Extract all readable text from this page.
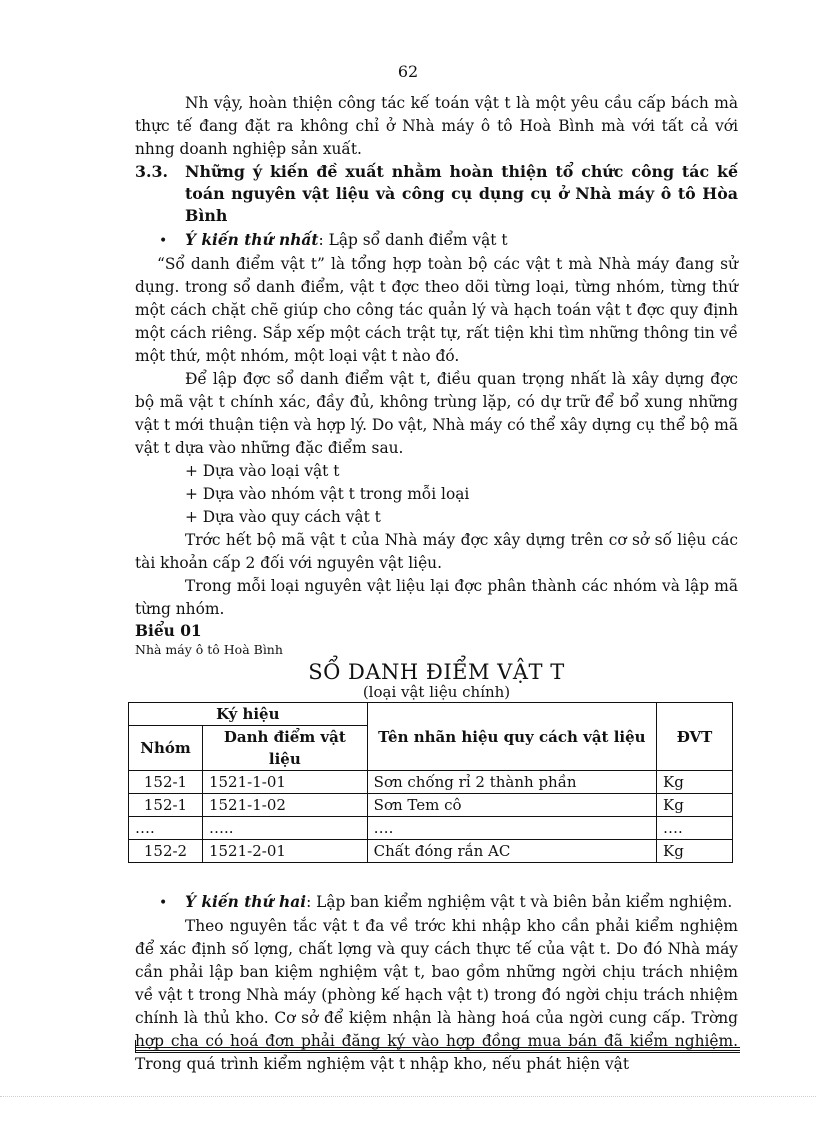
62

Nh vậy, hoàn thiện công tác kế toán vật t là một yêu cầu cấp bách mà thực tế đang đặt ra không chỉ ở Nhà máy ô tô Hoà Bình mà với tất cả với nhng doanh nghiệp sản xuất.

3.3.	Những ý kiến đề xuất nhằm hoàn thiện tổ chức công tác kế toán nguyên vật liệu và công cụ dụng cụ ở Nhà máy ô tô Hòa Bình
•	Ý kiến thứ nhất: Lập sổ danh điểm vật t

“Sổ danh điểm vật t” là tổng hợp toàn bộ các vật t mà Nhà máy đang sử dụng. trong sổ danh điểm, vật t đợc theo dõi từng loại, từng nhóm, từng thứ một cách chặt chẽ giúp cho công tác quản lý và hạch toán vật t đợc quy định một cách riêng. Sắp xếp một cách trật tự, rất tiện khi tìm những thông tin về một thứ, một nhóm, một loại vật t nào đó.

Để lập đợc sổ danh điểm vật t, điều quan trọng nhất là xây dựng đợc bộ mã vật t chính xác, đầy đủ, không trùng lặp, có dự trữ để bổ xung những vật t mới thuận tiện và hợp lý. Do vật, Nhà máy có thể xây dựng cụ thể bộ mã vật t dựa vào những đặc điểm sau.

+ Dựa vào loại vật t

+ Dựa vào nhóm vật t trong mỗi loại

+ Dựa vào quy cách vật t

Trớc hết bộ mã vật t của Nhà máy đợc xây dựng trên cơ sở số liệu các tài khoản cấp 2 đối với nguyên vật liệu.

Trong mỗi loại nguyên vật liệu lại đợc phân thành các nhóm và lập mã từng nhóm.

Biểu 01
Nhà máy ô tô Hoà Bình
SỔ DANH ĐIỂM VẬT T
(loại vật liệu chính)
Ký hiệu		Tên nhãn hiệu quy cách vật liệu	ĐVT
Nhóm	Danh điểm vật liệu		
152-1	1521-1-01	Sơn chống rỉ 2 thành phần	Kg
152-1	1521-1-02	Sơn Tem cô	Kg
….	…..	….	….
152-2	1521-2-01	Chất đóng rắn AC	Kg
•	Ý kiến thứ hai: Lập ban kiểm nghiệm vật t và biên bản kiểm nghiệm.

Theo nguyên tắc vật t đa về trớc khi nhập kho cần phải kiểm nghiệm để xác định số lợng, chất lợng và quy cách thực tế của vật t. Do đó Nhà máy cần phải lập ban kiệm nghiệm vật t, bao gồm những ngời chịu trách nhiệm về vật t trong Nhà máy (phòng kế hạch vật t) trong đó ngời chịu trách nhiệm chính là thủ kho. Cơ sở để kiệm nhận là hàng hoá của ngời cung cấp. Trờng hợp cha có hoá đơn phải đăng ký vào hợp đồng mua bán đã kiểm nghiệm. Trong quá trình kiểm nghiệm vật t nhập kho, nếu phát hiện vật
